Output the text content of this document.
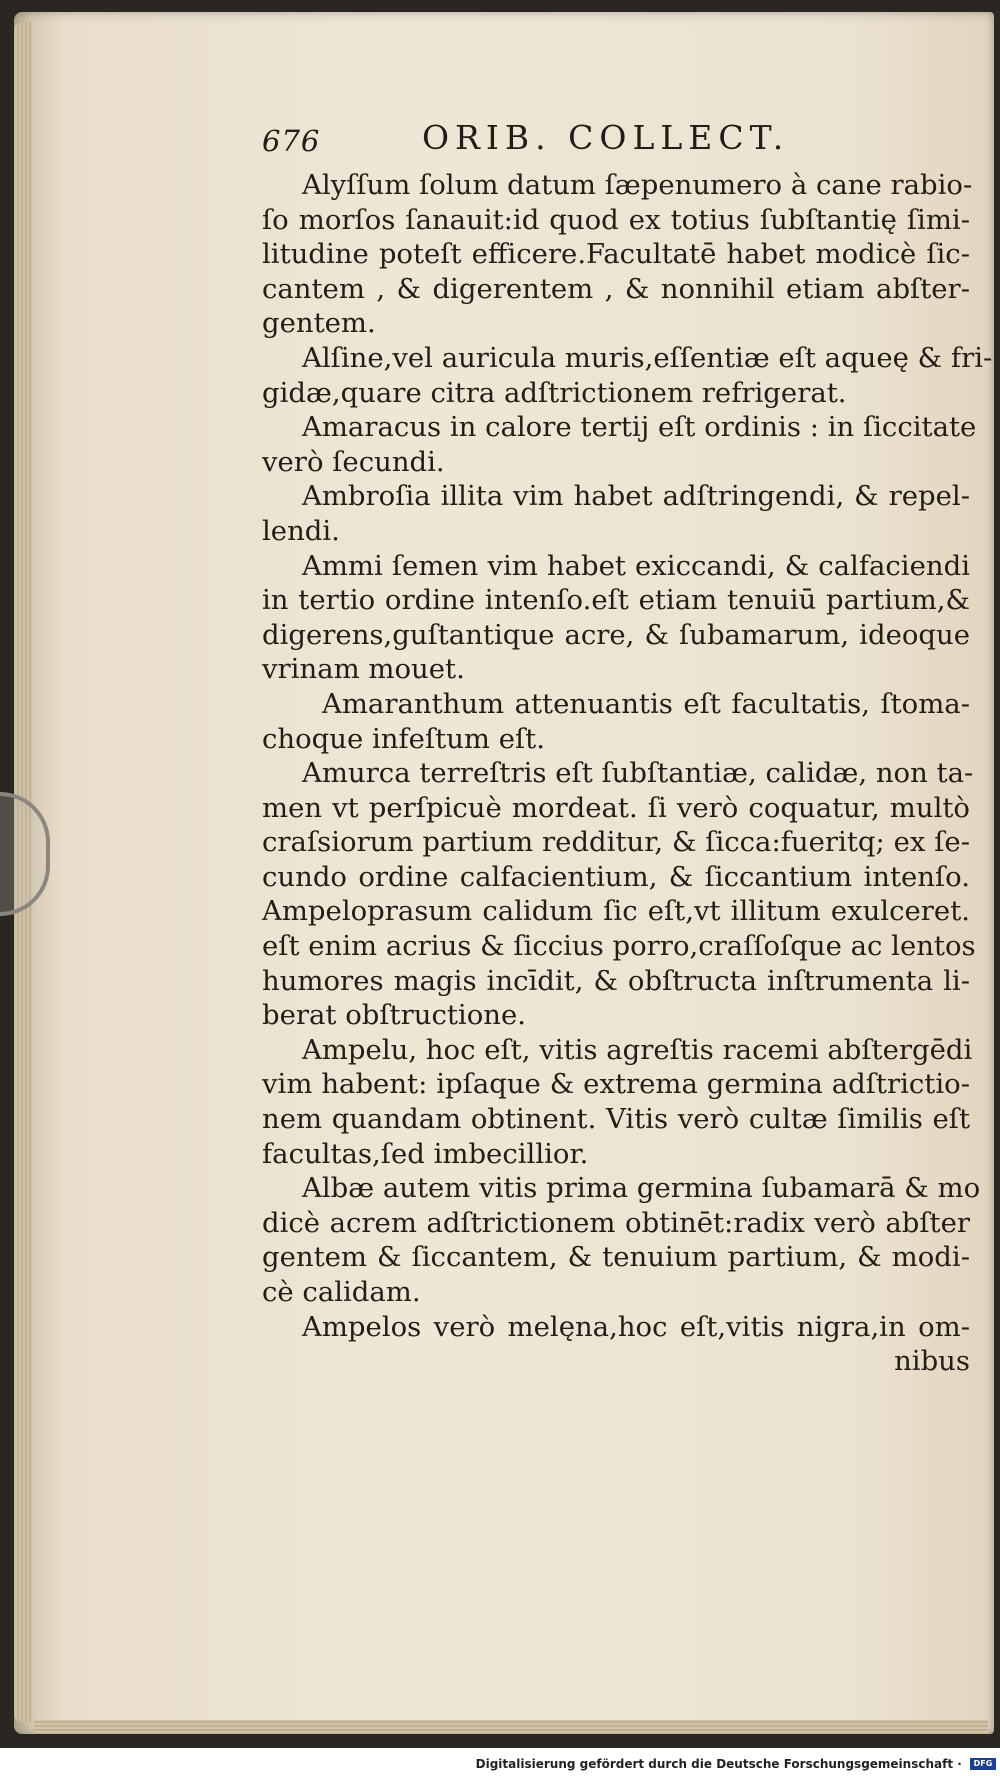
676	ORIB. COLLECT.
Alyſſum ſolum datum ſæpenumero à cane rabio-
ſo morſos ſanauit:id quod ex totius ſubſtantię ſimi-
litudine poteſt efficere.Facultatē habet modicè ſic-
cantem , & digerentem , & nonnihil etiam abſter-
gentem.
Alſine,vel auricula muris,eſſentiæ eſt aqueę & fri-
gidæ,quare citra adſtrictionem refrigerat.
Amaracus in calore tertij eſt ordinis : in ſiccitate
verò ſecundi.
Ambroſia illita vim habet adſtringendi, & repel-
lendi.
Ammi ſemen vim habet exiccandi, & calfaciendi
in tertio ordine intenſo.eſt etiam tenuiū partium,&
digerens,guſtantique acre, & ſubamarum, ideoque
vrinam mouet.
Amaranthum attenuantis eſt facultatis, ſtoma-
choque infeſtum eſt.
Amurca terreſtris eſt ſubſtantiæ, calidæ, non ta-
men vt perſpicuè mordeat. ſi verò coquatur, multò
craſsiorum partium redditur, & ſicca:fueritq; ex ſe-
cundo ordine calfacientium, & ſiccantium intenſo.
Ampeloprasum calidum ſic eſt,vt illitum exulceret.
eſt enim acrius & ſiccius porro,craſſoſque ac lentos
humores magis incīdit, & obſtructa inſtrumenta li-
berat obſtructione.
Ampelu, hoc eſt, vitis agreſtis racemi abſtergēdi
vim habent: ipſaque & extrema germina adſtrictio-
nem quandam obtinent. Vitis verò cultæ ſimilis eſt
facultas,ſed imbecillior.
Albæ autem vitis prima germina ſubamarā & mo
dicè acrem adſtrictionem obtinēt:radix verò abſter
gentem & ſiccantem, & tenuium partium, & modi-
cè calidam.
Ampelos verò melęna,hoc eſt,vitis nigra,in om-
nibus
Digitalisierung gefördert durch die Deutsche Forschungsgemeinschaft · DFG
